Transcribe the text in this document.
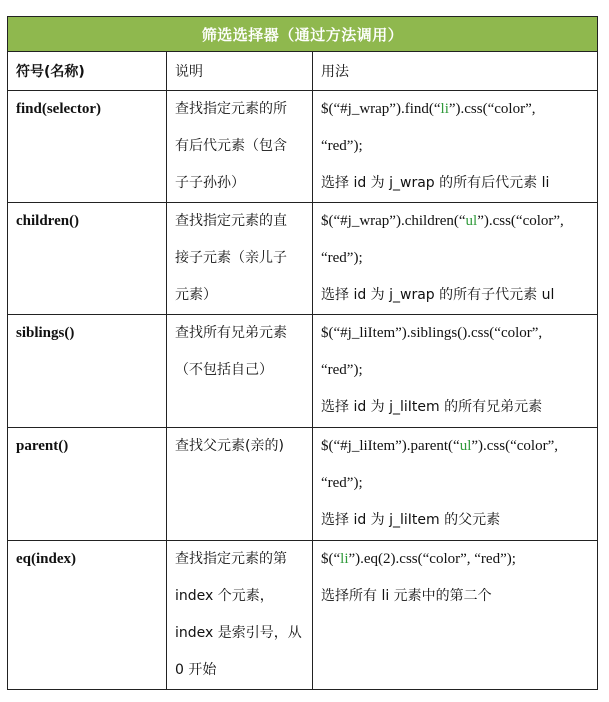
筛选选择器（通过方法调用）		
符号(名称)	说明	用法
find(selector)	查找指定元素的所
有后代元素（包含
子子孙孙）	$(“#j_wrap”).find(“li”).css(“color”,
“red”);
选择 id 为 j_wrap 的所有后代元素 li

children()	查找指定元素的直
接子元素（亲儿子
元素）	$(“#j_wrap”).children(“ul”).css(“color”,
“red”);
选择 id 为 j_wrap 的所有子代元素 ul

siblings()	查找所有兄弟元素
（不包括自己）	$(“#j_liItem”).siblings().css(“color”,
“red”);
选择 id 为 j_liItem 的所有兄弟元素

parent()	查找父元素(亲的)	$(“#j_liItem”).parent(“ul”).css(“color”,
“red”);
选择 id 为 j_liItem 的父元素

eq(index)	查找指定元素的第
index 个元素，
index 是索引号，从
0 开始	$(“li”).eq(2).css(“color”, “red”);
选择所有 li 元素中的第二个
